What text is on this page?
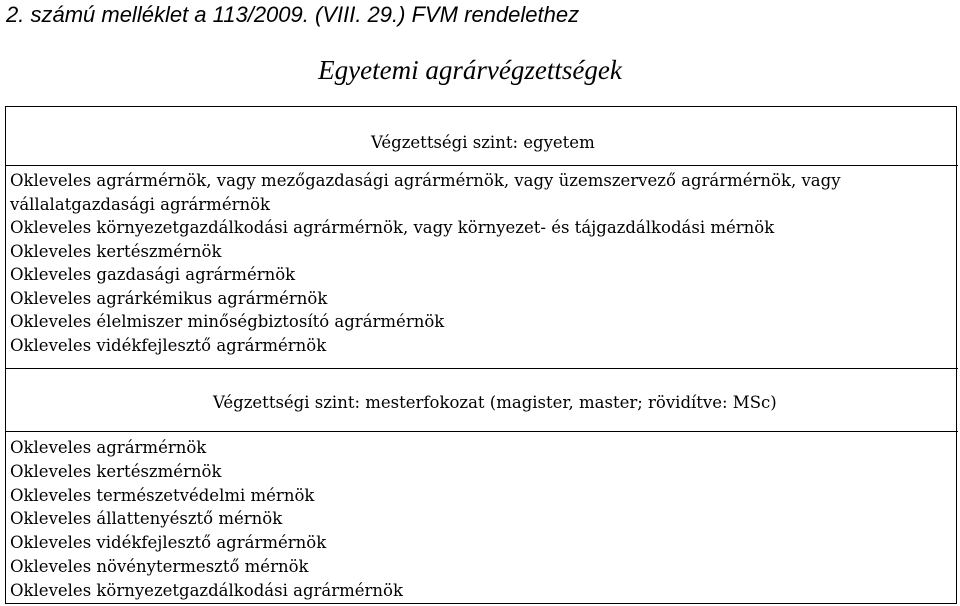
2. számú melléklet a 113/2009. (VIII. 29.) FVM rendelethez
Egyetemi agrárvégzettségek
Végzettségi szint: egyetem
Okleveles agrármérnök, vagy mezőgazdasági agrármérnök, vagy üzemszervező agrármérnök, vagy vállalatgazdasági agrármérnök
Okleveles környezetgazdálkodási agrármérnök, vagy környezet- és tájgazdálkodási mérnök
Okleveles kertészmérnök
Okleveles gazdasági agrármérnök
Okleveles agrárkémikus agrármérnök
Okleveles élelmiszer minőségbiztosító agrármérnök
Okleveles vidékfejlesztő agrármérnök
Végzettségi szint: mesterfokozat (magister, master; rövidítve: MSc)
Okleveles agrármérnök
Okleveles kertészmérnök
Okleveles természetvédelmi mérnök
Okleveles állattenyésztő mérnök
Okleveles vidékfejlesztő agrármérnök
Okleveles növénytermesztő mérnök
Okleveles környezetgazdálkodási agrármérnök
